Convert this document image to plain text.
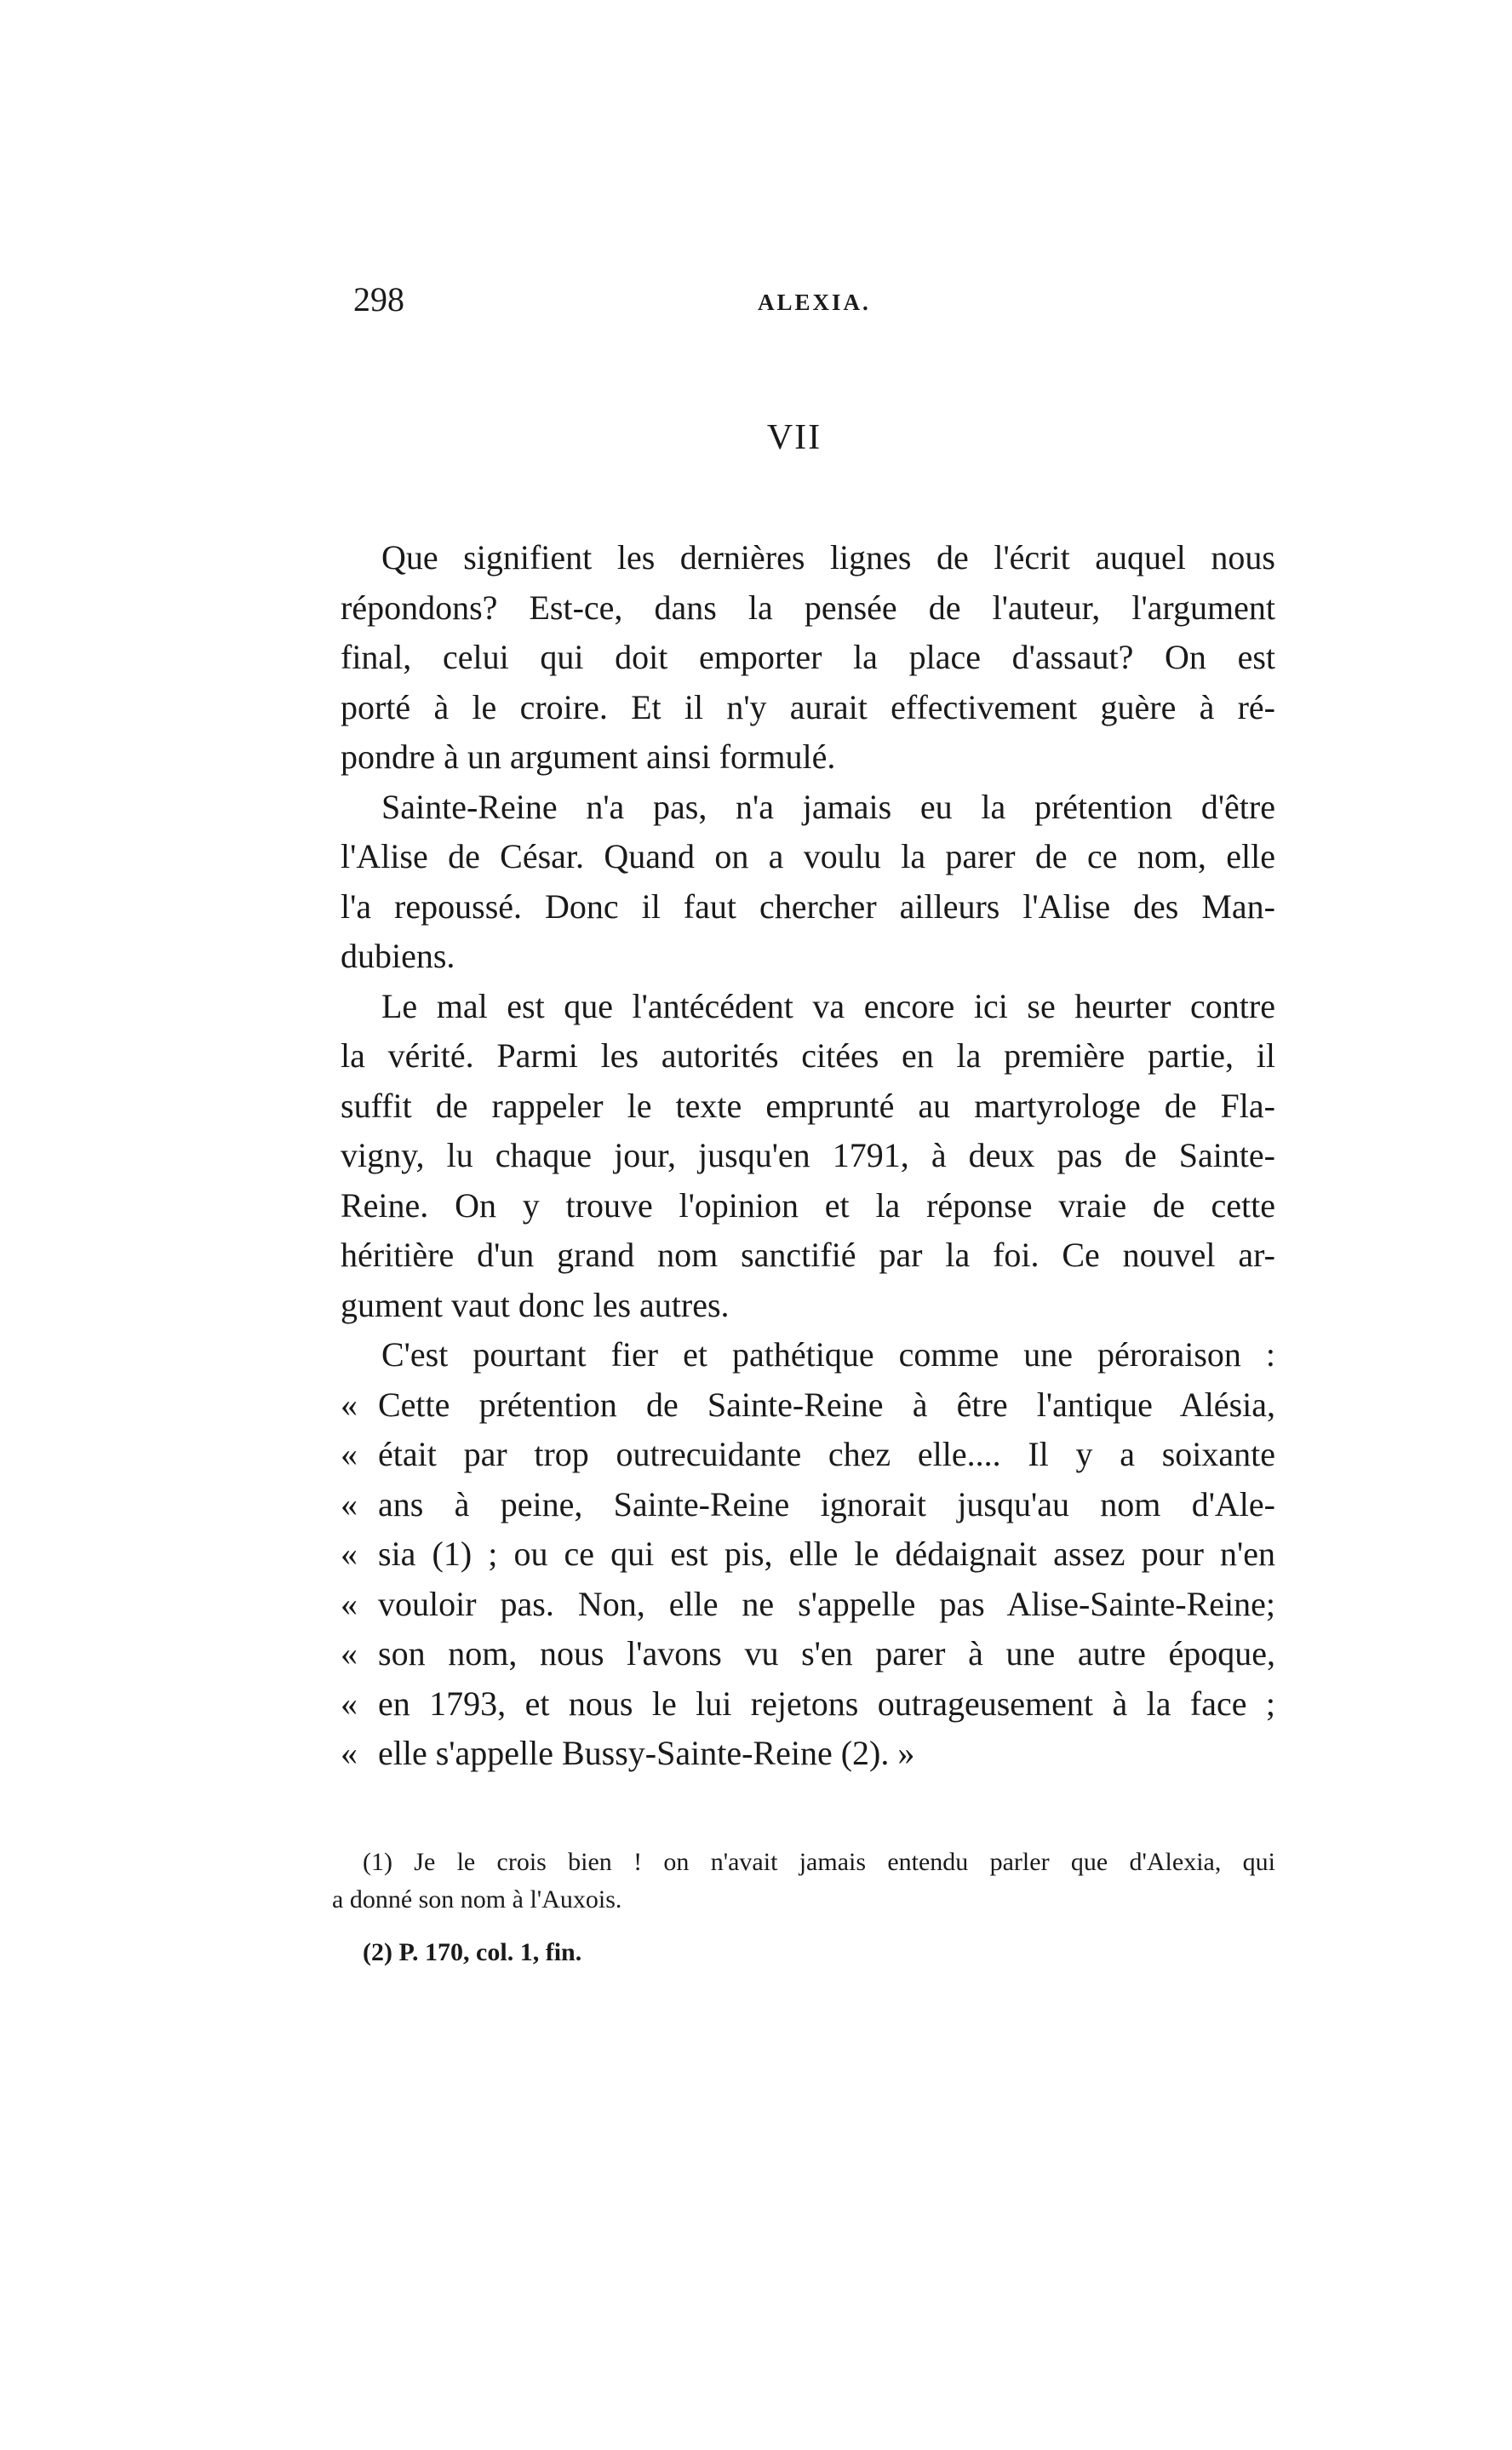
298	ALEXIA.
VII

Que signifient les dernières lignes de l'écrit auquel nous
répondons? Est-ce, dans la pensée de l'auteur, l'argument
final, celui qui doit emporter la place d'assaut? On est
porté à le croire. Et il n'y aurait effectivement guère à ré-
pondre à un argument ainsi formulé.

Sainte-Reine n'a pas, n'a jamais eu la prétention d'être
l'Alise de César. Quand on a voulu la parer de ce nom, elle
l'a repoussé. Donc il faut chercher ailleurs l'Alise des Man-
dubiens.

Le mal est que l'antécédent va encore ici se heurter contre
la vérité. Parmi les autorités citées en la première partie, il
suffit de rappeler le texte emprunté au martyrologe de Fla-
vigny, lu chaque jour, jusqu'en 1791, à deux pas de Sainte-
Reine. On y trouve l'opinion et la réponse vraie de cette
héritière d'un grand nom sanctifié par la foi. Ce nouvel ar-
gument vaut donc les autres.

C'est pourtant fier et pathétique comme une péroraison :
« Cette prétention de Sainte-Reine à être l'antique Alésia,
« était par trop outrecuidante chez elle.... Il y a soixante
« ans à peine, Sainte-Reine ignorait jusqu'au nom d'Ale-
« sia (1) ; ou ce qui est pis, elle le dédaignait assez pour n'en
« vouloir pas. Non, elle ne s'appelle pas Alise-Sainte-Reine;
« son nom, nous l'avons vu s'en parer à une autre époque,
« en 1793, et nous le lui rejetons outrageusement à la face ;
« elle s'appelle Bussy-Sainte-Reine (2). »

(1) Je le crois bien ! on n'avait jamais entendu parler que d'Alexia, qui
a donné son nom à l'Auxois.
(2) P. 170, col. 1, fin.
